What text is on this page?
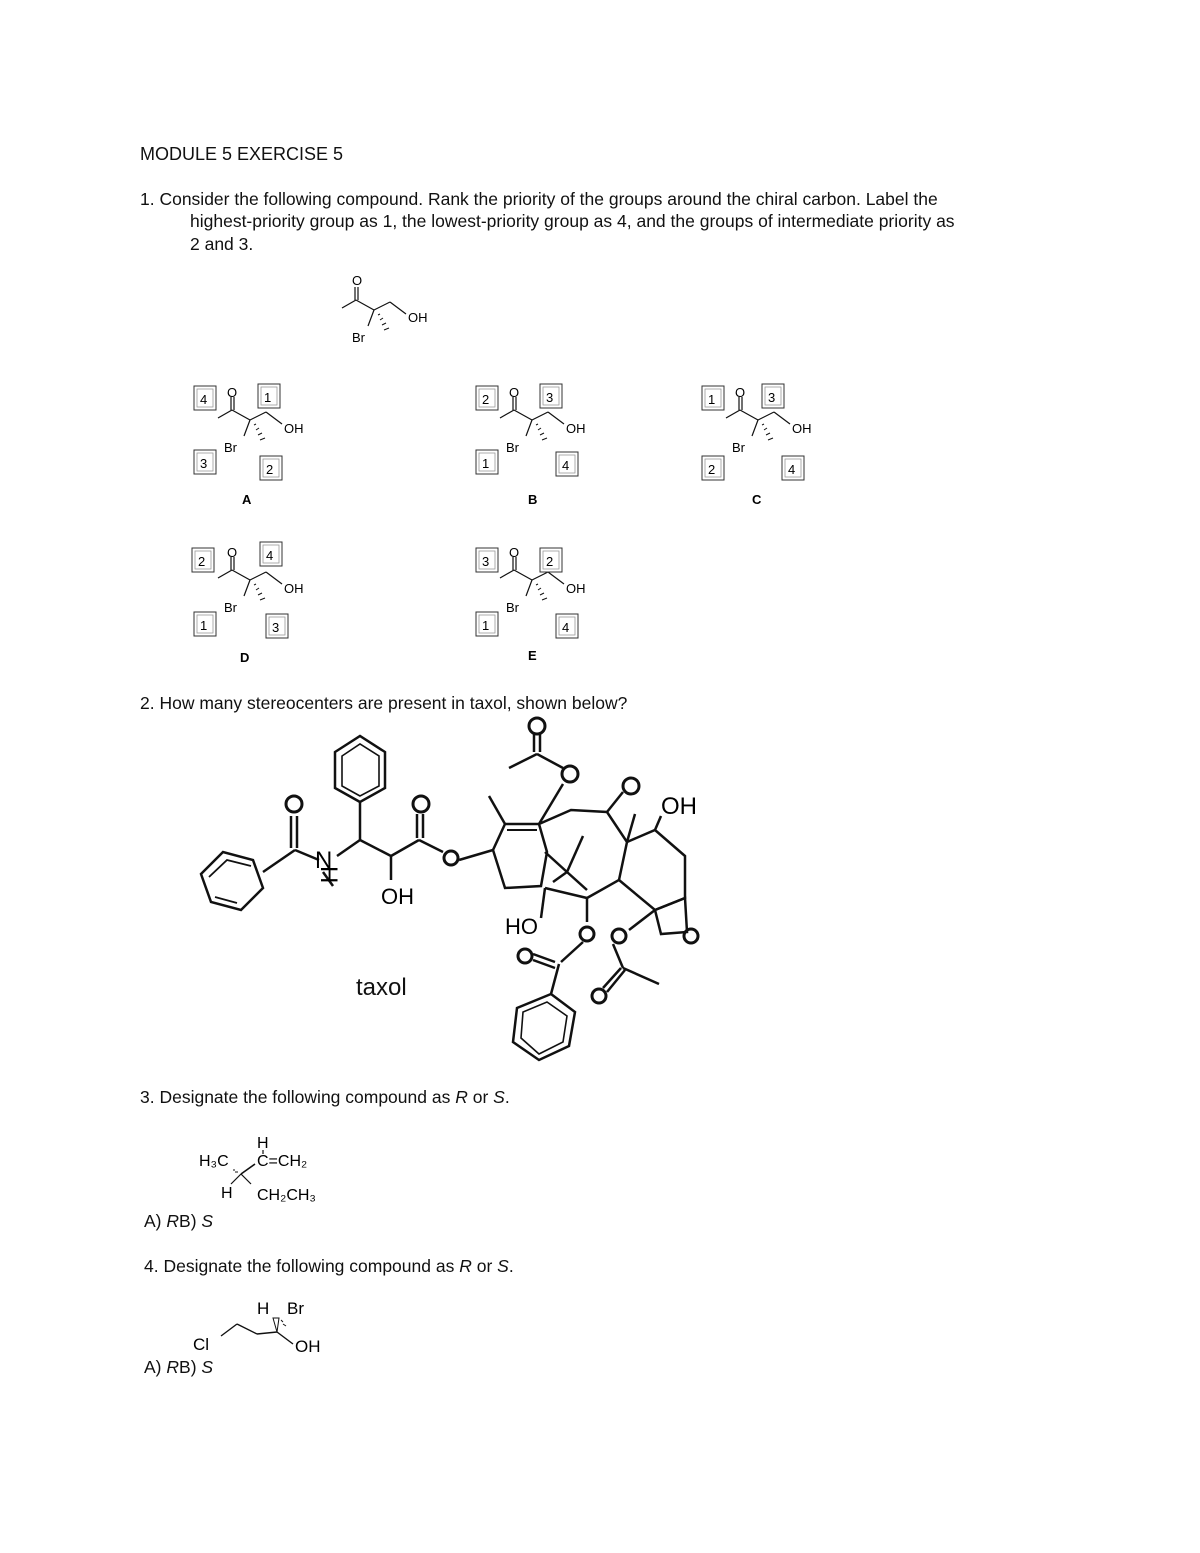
MODULE 5 EXERCISE 5
1. Consider the following compound. Rank the priority of the groups around the chiral carbon. Label the
highest-priority group as 1, the lowest-priority group as 4, and the groups of intermediate priority as
2 and 3.
O
OH
Br
O
OH
Br
4	1
3	2
A
O
OH
Br
2	3
1	4
B
O
OH
Br
1	3
2	4
C
O
OH
Br
2	4
1	3
D
O
OH
Br
3	2
1	4
E
2. How many stereocenters are present in taxol, shown below?
N
H
OH
OH
HO
taxol
3. Designate the following compound as R or S.
H
H₃C C=CH₂
H CH₂CH₃
A) RB) S
4. Designate the following compound as R or S.
H Br
Cl	OH
A) RB) S
